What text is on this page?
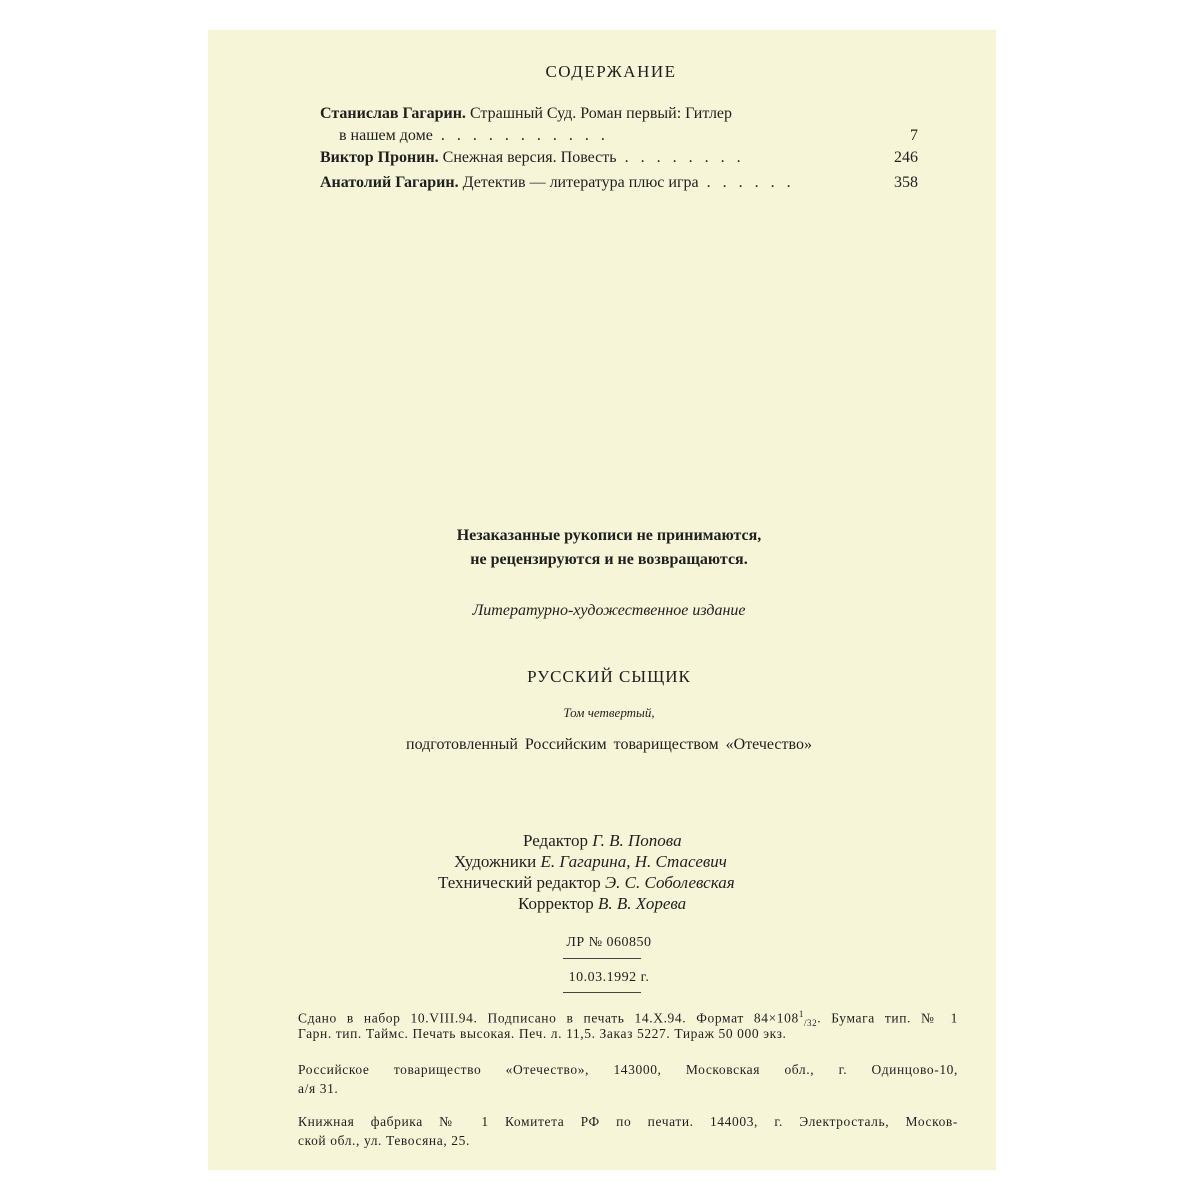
СОДЕРЖАНИЕ
Станислав Гагарин. Страшный Суд. Роман первый: Гитлер
в нашем доме . . . . . . . . . . .	7
Виктор Пронин. Снежная версия. Повесть . . . . . . . .	246
Анатолий Гагарин. Детектив — литература плюс игра . . . . . .	358
Незаказанные рукописи не принимаются,
не рецензируются и не возвращаются.
Литературно-художественное издание
РУССКИЙ СЫЩИК
Том четвертый,
подготовленный Российским товариществом «Отечество»
Редактор Г. В. Попова
Художники Е. Гагарина, Н. Стасевич
Технический редактор Э. С. Соболевская
Корректор В. В. Хорева
ЛР № 060850
10.03.1992 г.
Сдано в набор 10.VIII.94. Подписано в печать 14.X.94. Формат $84\times 108^1_{/32}$. Бумага тип. № 1
Гарн. тип. Таймс. Печать высокая. Печ. л. 11,5. Заказ 5227. Тираж 50 000 экз.
Российское товарищество «Отечество», 143000, Московская обл., г. Одинцово-10,
а/я 31.
Книжная фабрика № 1 Комитета РФ по печати. 144003, г. Электросталь, Москов-
ской обл., ул. Тевосяна, 25.
